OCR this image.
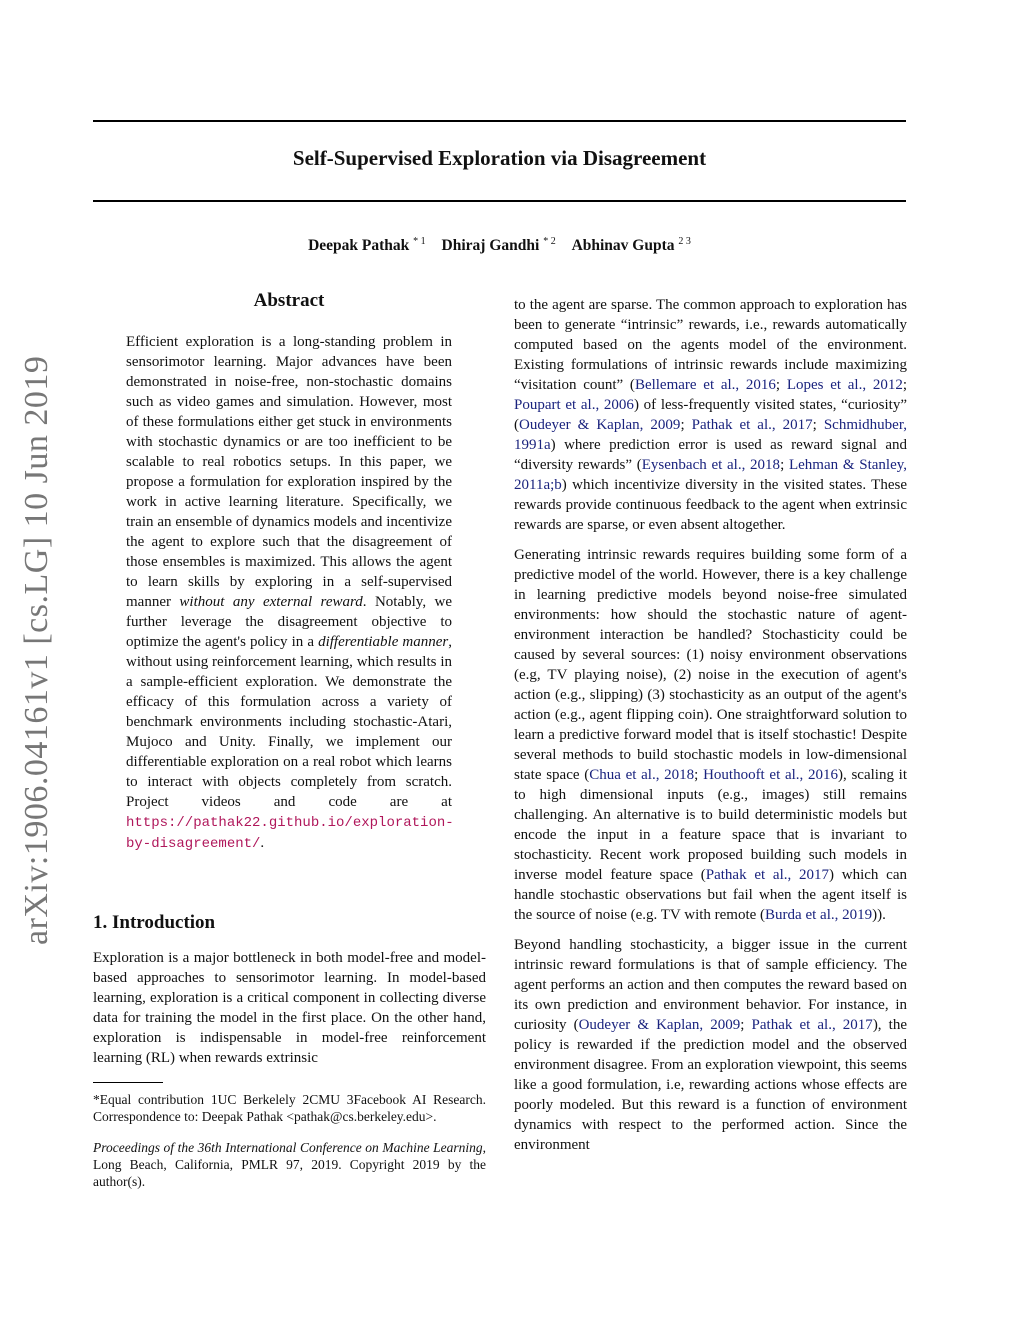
arXiv:1906.04161v1 [cs.LG] 10 Jun 2019
Self-Supervised Exploration via Disagreement
Deepak Pathak $^{* 1}$ Dhiraj Gandhi $^{* 2}$ Abhinav Gupta $^{2 3}$
Abstract

Efficient exploration is a long-standing problem in sensorimotor learning. Major advances have been demonstrated in noise-free, non-stochastic domains such as video games and simulation. However, most of these formulations either get stuck in environments with stochastic dynamics or are too inefficient to be scalable to real robotics setups. In this paper, we propose a formulation for exploration inspired by the work in active learning literature. Specifically, we train an ensemble of dynamics models and incentivize the agent to explore such that the disagreement of those ensembles is maximized. This allows the agent to learn skills by exploring in a self-supervised manner without any external reward. Notably, we further leverage the disagreement objective to optimize the agent's policy in a differentiable manner, without using reinforcement learning, which results in a sample-efficient exploration. We demonstrate the efficacy of this formulation across a variety of benchmark environments including stochastic-Atari, Mujoco and Unity. Finally, we implement our differentiable exploration on a real robot which learns to interact with objects completely from scratch. Project videos and code are at https://pathak22.github.io/exploration-by-disagreement/.

1. Introduction

Exploration is a major bottleneck in both model-free and model-based approaches to sensorimotor learning. In model-based learning, exploration is a critical component in collecting diverse data for training the model in the first place. On the other hand, exploration is indispensable in model-free reinforcement learning (RL) when rewards extrinsic

*Equal contribution 1UC Berkelely 2CMU 3Facebook AI Research. Correspondence to: Deepak Pathak <pathak@cs.berkeley.edu>.

Proceedings of the 36th International Conference on Machine Learning, Long Beach, California, PMLR 97, 2019. Copyright 2019 by the author(s).

to the agent are sparse. The common approach to exploration has been to generate “intrinsic” rewards, i.e., rewards automatically computed based on the agents model of the environment. Existing formulations of intrinsic rewards include maximizing “visitation count” (Bellemare et al., 2016; Lopes et al., 2012; Poupart et al., 2006) of less-frequently visited states, “curiosity” (Oudeyer & Kaplan, 2009; Pathak et al., 2017; Schmidhuber, 1991a) where prediction error is used as reward signal and “diversity rewards” (Eysenbach et al., 2018; Lehman & Stanley, 2011a;b) which incentivize diversity in the visited states. These rewards provide continuous feedback to the agent when extrinsic rewards are sparse, or even absent altogether.

Generating intrinsic rewards requires building some form of a predictive model of the world. However, there is a key challenge in learning predictive models beyond noise-free simulated environments: how should the stochastic nature of agent-environment interaction be handled? Stochasticity could be caused by several sources: (1) noisy environment observations (e.g, TV playing noise), (2) noise in the execution of agent's action (e.g., slipping) (3) stochasticity as an output of the agent's action (e.g., agent flipping coin). One straightforward solution to learn a predictive forward model that is itself stochastic! Despite several methods to build stochastic models in low-dimensional state space (Chua et al., 2018; Houthooft et al., 2016), scaling it to high dimensional inputs (e.g., images) still remains challenging. An alternative is to build deterministic models but encode the input in a feature space that is invariant to stochasticity. Recent work proposed building such models in inverse model feature space (Pathak et al., 2017) which can handle stochastic observations but fail when the agent itself is the source of noise (e.g. TV with remote (Burda et al., 2019)).

Beyond handling stochasticity, a bigger issue in the current intrinsic reward formulations is that of sample efficiency. The agent performs an action and then computes the reward based on its own prediction and environment behavior. For instance, in curiosity (Oudeyer & Kaplan, 2009; Pathak et al., 2017), the policy is rewarded if the prediction model and the observed environment disagree. From an exploration viewpoint, this seems like a good formulation, i.e, rewarding actions whose effects are poorly modeled. But this reward is a function of environment dynamics with respect to the performed action. Since the environment
